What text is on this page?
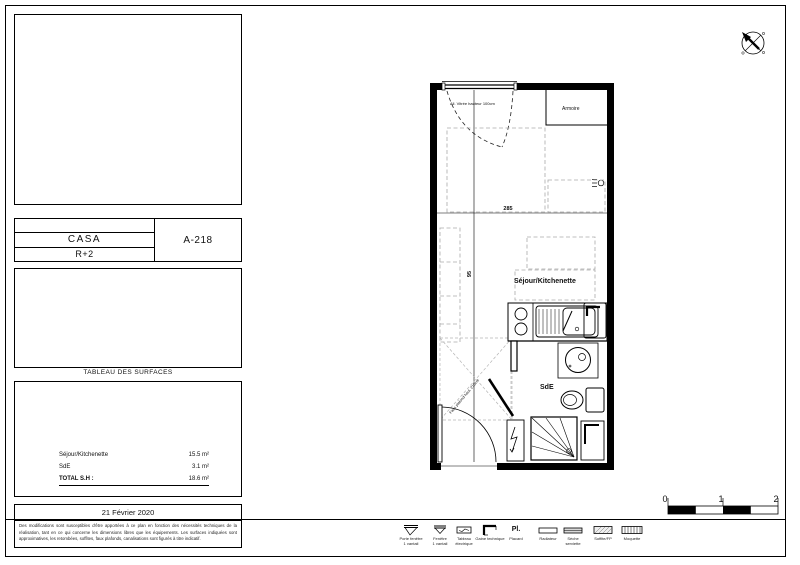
CASA
R+2
A-218
TABLEAU DES SURFACES
Séjour/Kitchenette	15.5 m²
SdE	3.1 m²
TOTAL S.H :	18.6 m²
21 Février 2020

Des modifications sont susceptibles d'être apportées à ce plan en fonction des nécessités techniques de la réalisation, tant en ce qui concerne les dimensions libres que les équipements. Les surfaces indiquées sont approximatives, les retombées, soffites, faux plafonds, canalisations sont figurés à titre indicatif.

All. Vitrée hauteur 100cm
Armoire
285
95
Faux plafond haut. 215cm
Séjour/Kitchenette
SdE
0	1	2
Porte fenêtre
1 vantail
Fenêtre
1 vantail
Tableau
électrique
Gaine technique
Pl.
Placard	Radiateur	Sèche
serviette
Soffite/FP	Moquette
